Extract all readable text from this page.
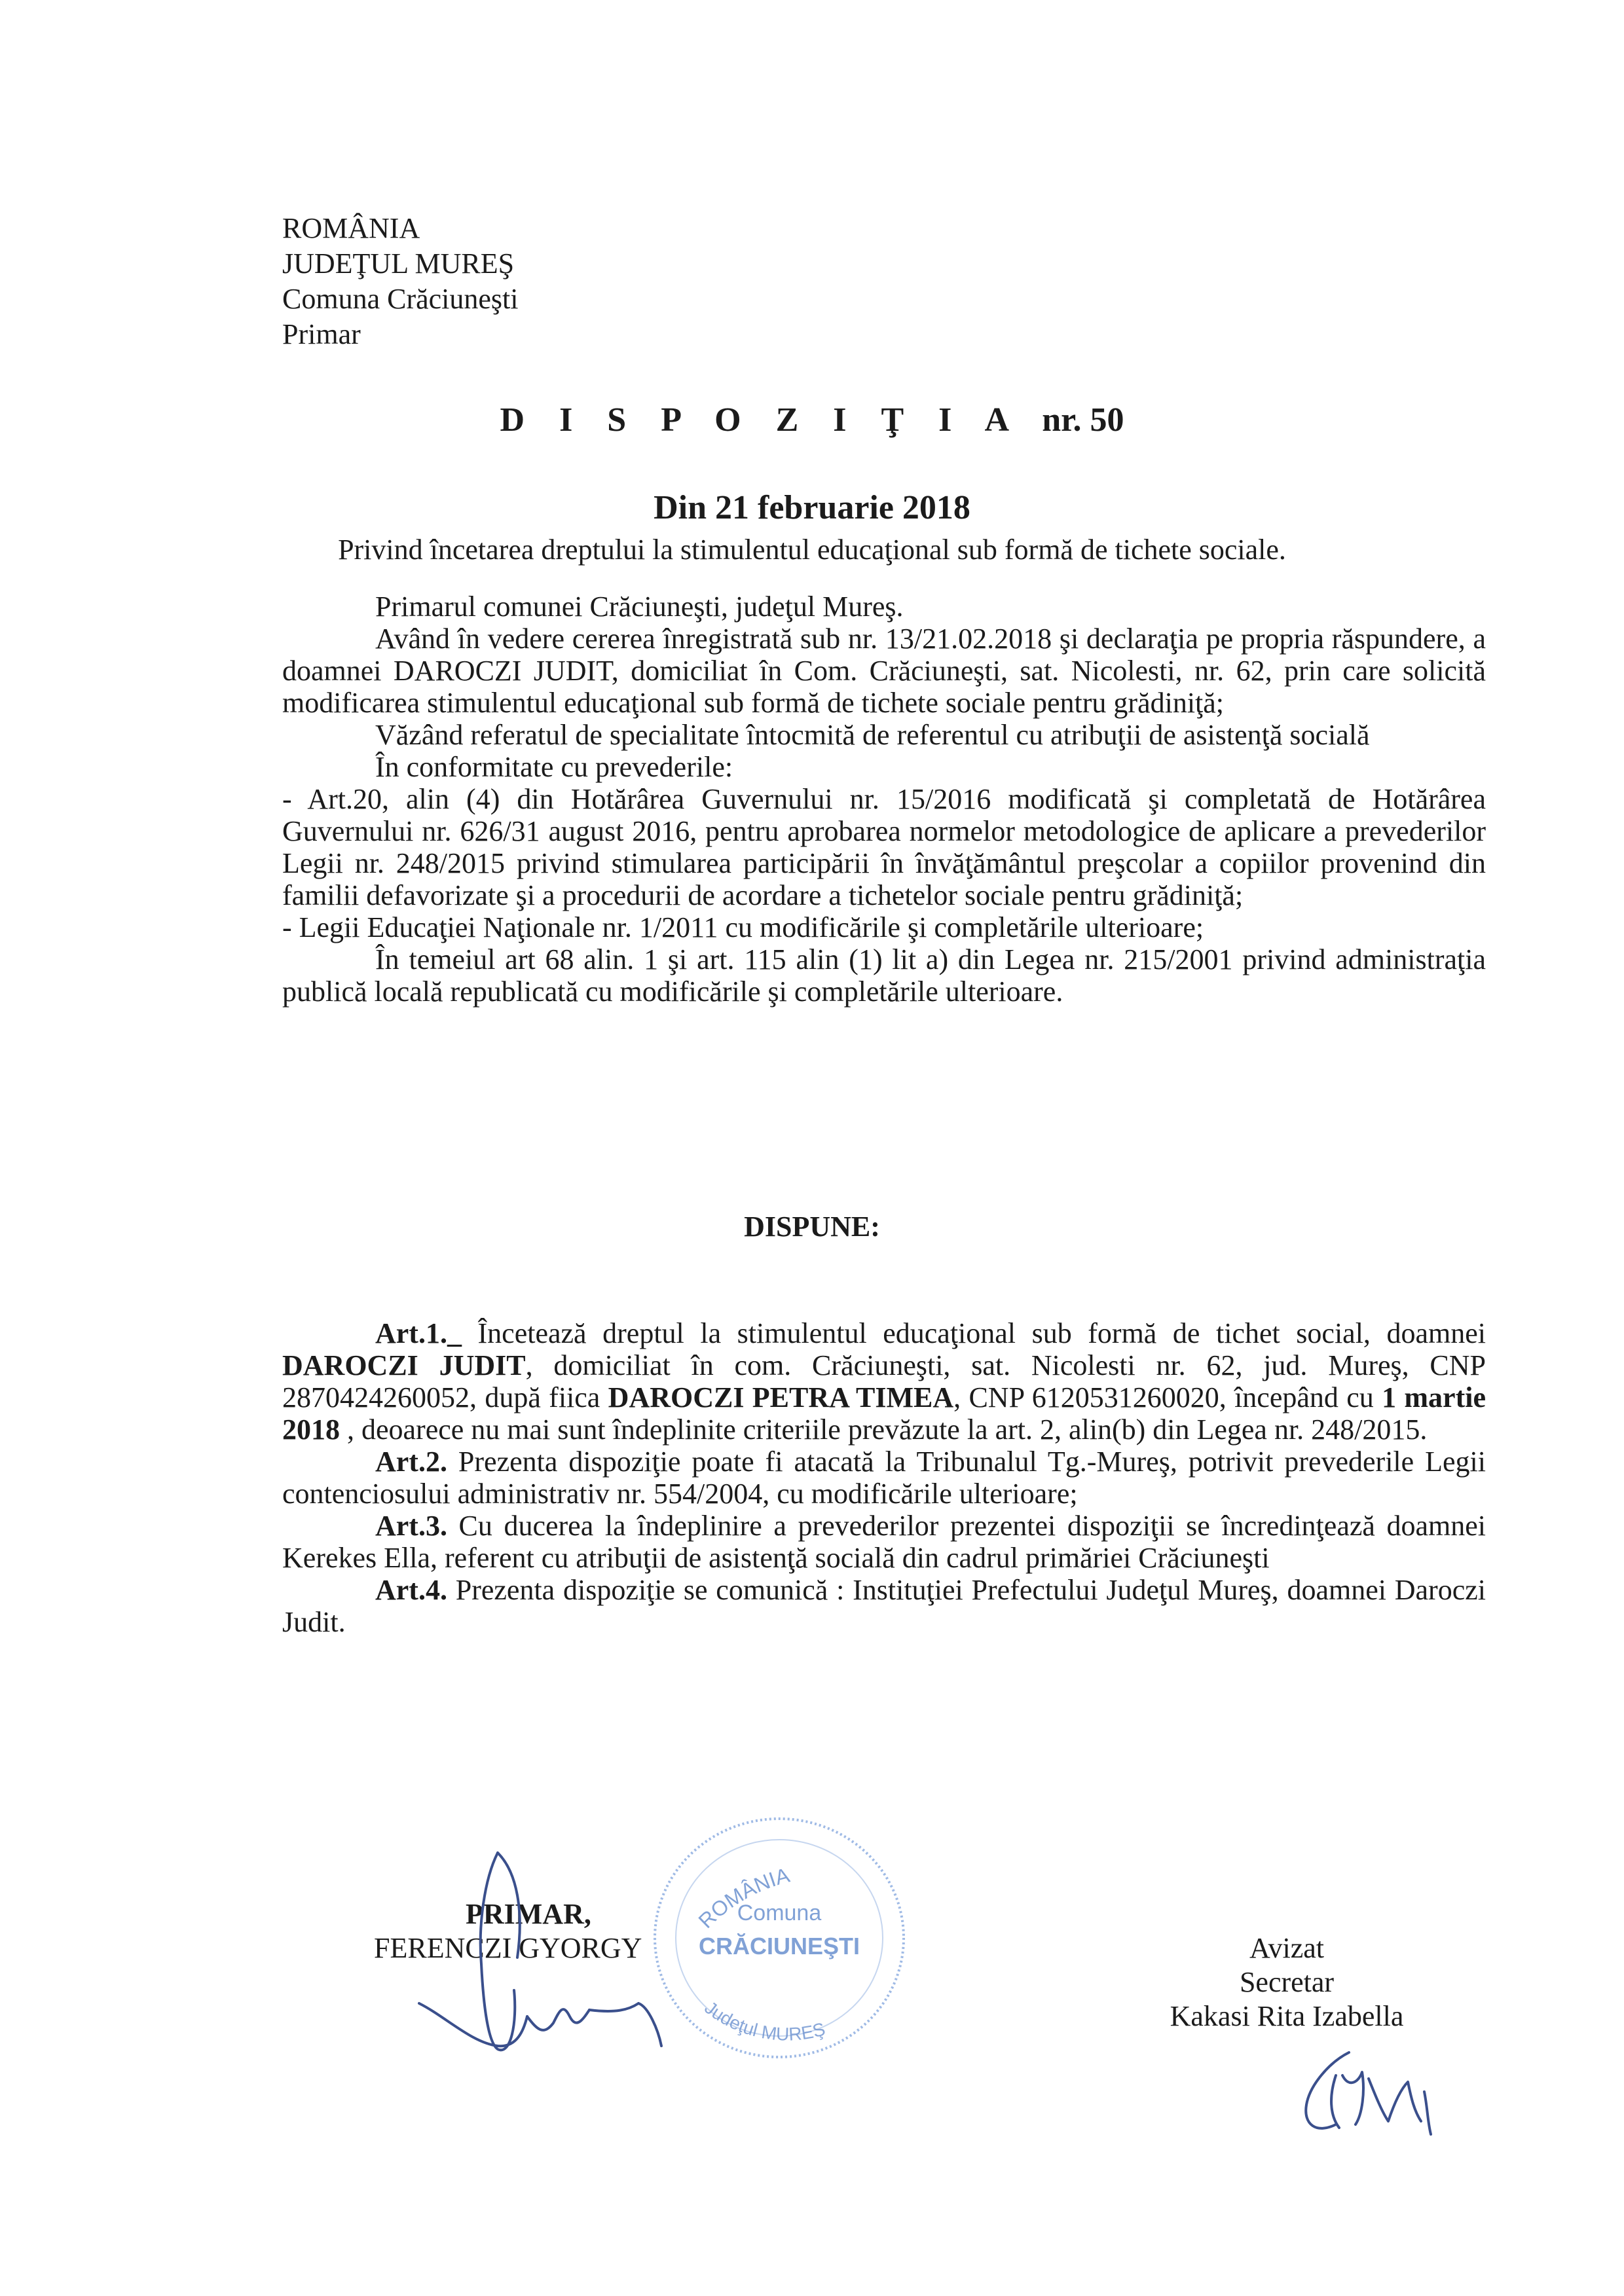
ROMÂNIA
JUDEŢUL MUREŞ
Comuna Crăciuneşti
Primar
D I S P O Z I Ţ I A nr. 50
Din 21 februarie 2018
Privind încetarea dreptului la stimulentul educaţional sub formă de tichete sociale.

Primarul comunei Crăciuneşti, judeţul Mureş.

Având în vedere cererea înregistrată sub nr. 13/21.02.2018 şi declaraţia pe propria răspundere, a doamnei DAROCZI JUDIT, domiciliat în Com. Crăciuneşti, sat. Nicolesti, nr. 62, prin care solicită modificarea stimulentul educaţional sub formă de tichete sociale pentru grădiniţă;

Văzând referatul de specialitate întocmită de referentul cu atribuţii de asistenţă socială

În conformitate cu prevederile:

- Art.20, alin (4) din Hotărârea Guvernului nr. 15/2016 modificată şi completată de Hotărârea Guvernului nr. 626/31 august 2016, pentru aprobarea normelor metodologice de aplicare a prevederilor Legii nr. 248/2015 privind stimularea participării în învăţământul preşcolar a copiilor provenind din familii defavorizate şi a procedurii de acordare a tichetelor sociale pentru grădiniţă;

- Legii Educaţiei Naţionale nr. 1/2011 cu modificările şi completările ulterioare;

În temeiul art 68 alin. 1 şi art. 115 alin (1) lit a) din Legea nr. 215/2001 privind administraţia publică locală republicată cu modificările şi completările ulterioare.

DISPUNE:

Art.1._ Încetează dreptul la stimulentul educaţional sub formă de tichet social, doamnei DAROCZI JUDIT, domiciliat în com. Crăciuneşti, sat. Nicolesti nr. 62, jud. Mureş, CNP 2870424260052, după fiica DAROCZI PETRA TIMEA, CNP 6120531260020, începând cu 1 martie 2018 , deoarece nu mai sunt îndeplinite criteriile prevăzute la art. 2, alin(b) din Legea nr. 248/2015.

Art.2. Prezenta dispoziţie poate fi atacată la Tribunalul Tg.-Mureş, potrivit prevederile Legii contenciosului administrativ nr. 554/2004, cu modificările ulterioare;

Art.3. Cu ducerea la îndeplinire a prevederilor prezentei dispoziţii se încredinţează doamnei Kerekes Ella, referent cu atribuţii de asistenţă socială din cadrul primăriei Crăciuneşti

Art.4. Prezenta dispoziţie se comunică : Instituţiei Prefectului Judeţul Mureş, doamnei Daroczi Judit.

ROMÂNIA
Comuna
CRĂCIUNEŞTI
Judeţul MUREŞ
PRIMAR,
FERENCZI GYORGY	Avizat
Secretar
Kakasi Rita Izabella
